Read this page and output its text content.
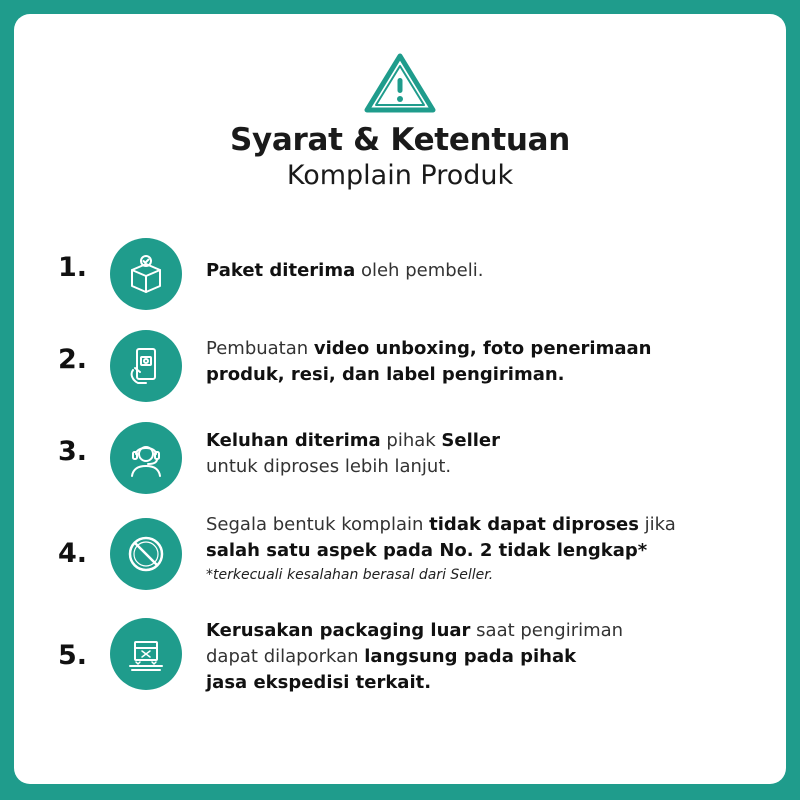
Syarat & Ketentuan
Komplain Produk
1.	Paket diterima oleh pembeli.
2.	Pembuatan video unboxing, foto penerimaan
produk, resi, dan label pengiriman.
3.	Keluhan diterima pihak Seller
untuk diproses lebih lanjut.
4.
Segala bentuk komplain tidak dapat diproses jika
salah satu aspek pada No. 2 tidak lengkap*
*terkecuali kesalahan berasal dari Seller.
5.
Kerusakan packaging luar saat pengiriman
dapat dilaporkan langsung pada pihak
jasa ekspedisi terkait.
